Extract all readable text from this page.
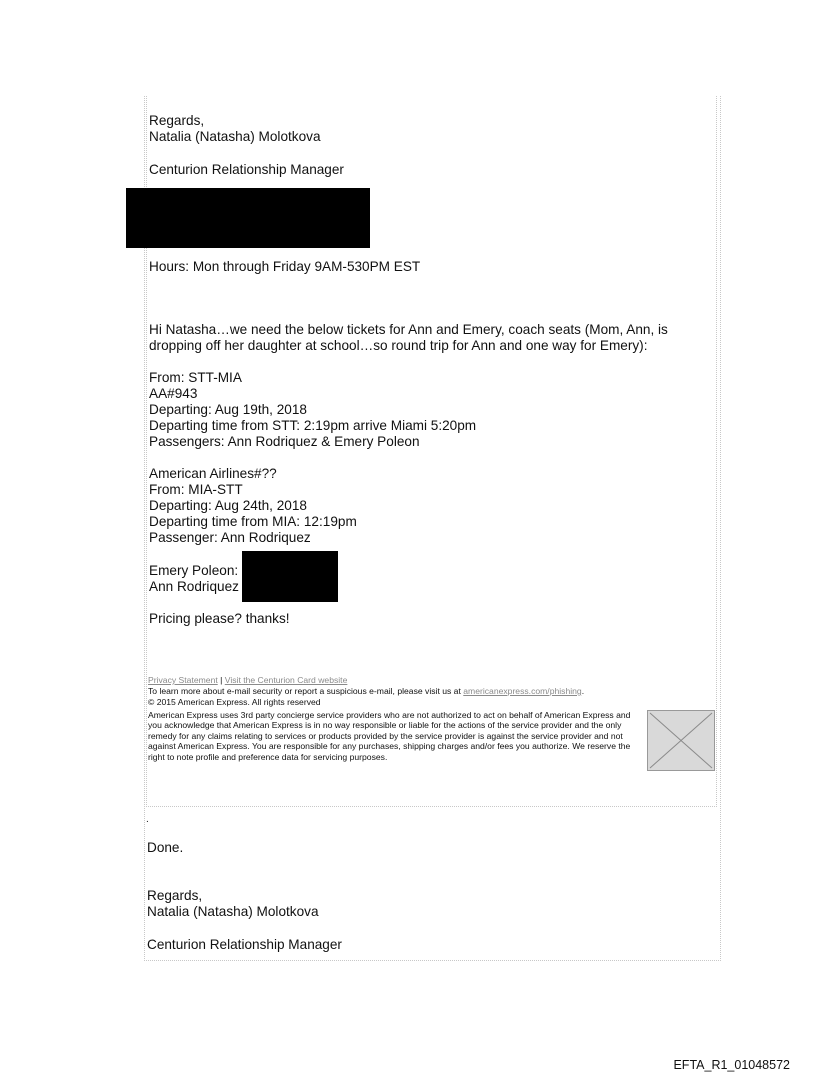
Regards,
Natalia (Natasha) Molotkova
Centurion Relationship Manager
Hours: Mon through Friday 9AM-530PM EST
Hi Natasha…we need the below tickets for Ann and Emery, coach seats (Mom, Ann, is
dropping off her daughter at school…so round trip for Ann and one way for Emery):
From: STT-MIA
AA#943
Departing: Aug 19th, 2018
Departing time from STT: 2:19pm arrive Miami 5:20pm
Passengers: Ann Rodriquez & Emery Poleon
American Airlines#??
From: MIA-STT
Departing: Aug 24th, 2018
Departing time from MIA: 12:19pm
Passenger: Ann Rodriquez
Emery Poleon:
Ann Rodriquez
Pricing please? thanks!
Privacy Statement | Visit the Centurion Card website
To learn more about e-mail security or report a suspicious e-mail, please visit us at americanexpress.com/phishing.
© 2015 American Express. All rights reserved
American Express uses 3rd party concierge service providers who are not authorized to act on behalf of American Express and you acknowledge that American Express is in no way responsible or liable for the actions of the service provider and the only remedy for any claims relating to services or products provided by the service provider is against the service provider and not against American Express. You are responsible for any purchases, shipping charges and/or fees you authorize. We reserve the right to note profile and preference data for servicing purposes.
.
Done.
Regards,
Natalia (Natasha) Molotkova
Centurion Relationship Manager
EFTA_R1_01048572
